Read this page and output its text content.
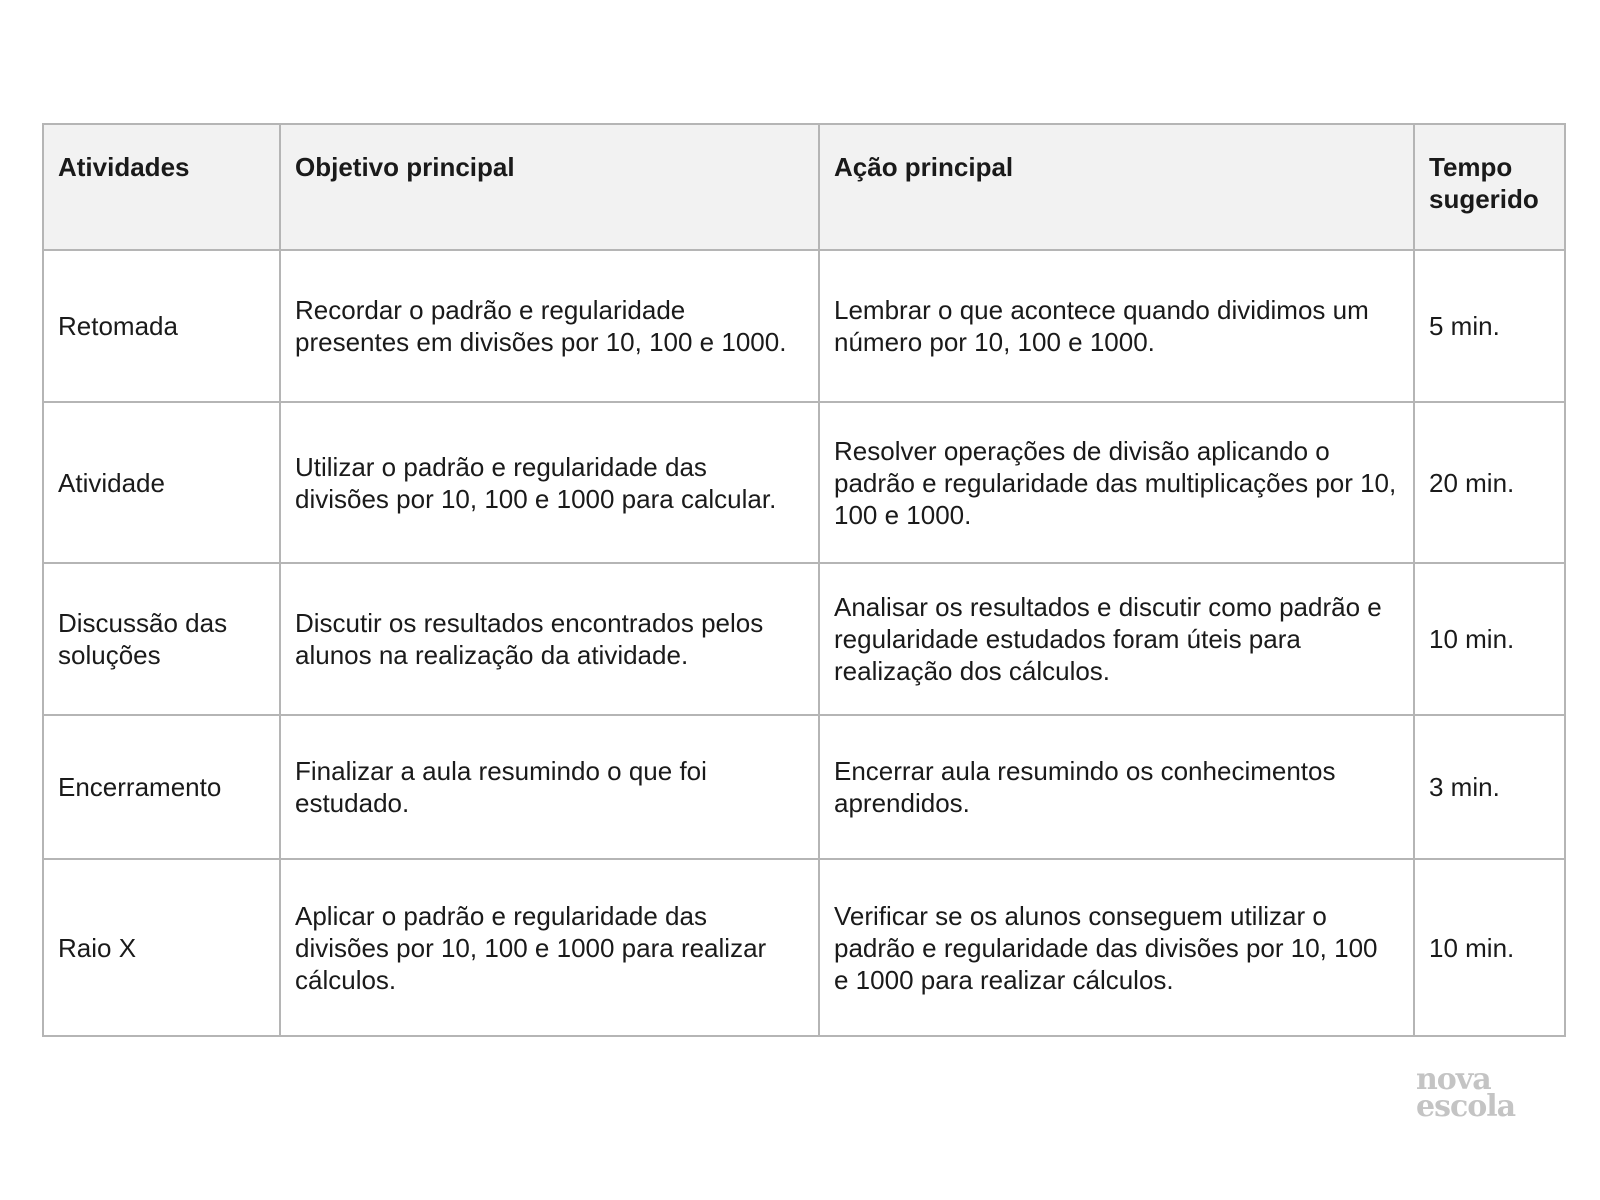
Atividades	Objetivo principal	Ação principal	Tempo sugerido
Retomada	Recordar o padrão e regularidade presentes em divisões por 10, 100 e 1000.	Lembrar o que acontece quando dividimos um número por 10, 100 e 1000.	5 min.
Atividade	Utilizar o padrão e regularidade das divisões por 10, 100 e 1000 para calcular.	Resolver operações de divisão aplicando o padrão e regularidade das multiplicações por 10, 100 e 1000.	20 min.
Discussão das soluções	Discutir os resultados encontrados pelos alunos na realização da atividade.	Analisar os resultados e discutir como padrão e regularidade estudados foram úteis para realização dos cálculos.	10 min.
Encerramento	Finalizar a aula resumindo o que foi estudado.	Encerrar aula resumindo os conhecimentos aprendidos.	3 min.
Raio X	Aplicar o padrão e regularidade das divisões por 10, 100 e 1000 para realizar cálculos.	Verificar se os alunos conseguem utilizar o padrão e regularidade das divisões por 10, 100 e 1000 para realizar cálculos.	10 min.
nova
escola
